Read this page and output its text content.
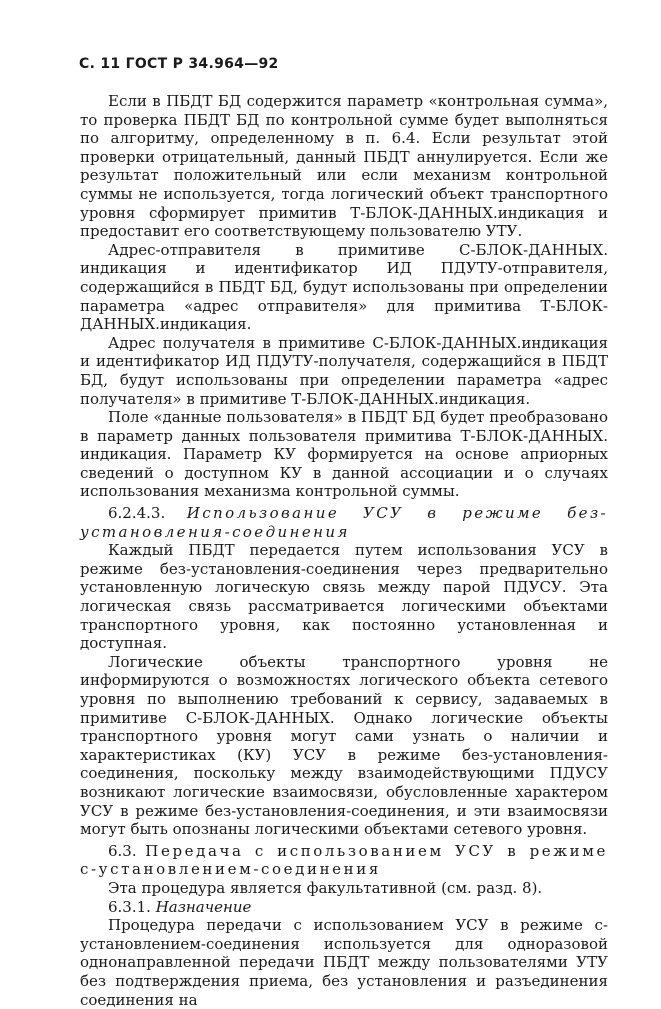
С. 11 ГОСТ Р 34.964—92

Если в ПБДТ БД содержится параметр «контрольная сумма», то проверка ПБДТ БД по контрольной сумме будет выполняться по алгоритму, определенному в п. 6.4. Если результат этой проверки отрицательный, данный ПБДТ аннулируется. Если же результат положительный или если механизм контрольной суммы не используется, тогда логический объект транспортного уровня сформирует примитив Т-БЛОК-ДАННЫХ.индикация и предоставит его соответствующему пользователю УТУ.

Адрес-отправителя в примитиве С-БЛОК-ДАННЫХ. индикация и идентификатор ИД ПДУТУ-отправителя, содержащийся в ПБДТ БД, будут использованы при определении параметра «адрес отправителя» для примитива Т-БЛОК-ДАННЫХ.индикация.

Адрес получателя в примитиве С-БЛОК-ДАННЫХ.индикация и идентификатор ИД ПДУТУ-получателя, содержащийся в ПБДТ БД, будут использованы при определении параметра «адрес получателя» в примитиве Т-БЛОК-ДАННЫХ.индикация.

Поле «данные пользователя» в ПБДТ БД будет преобразовано в параметр данных пользователя примитива Т-БЛОК-ДАННЫХ. индикация. Параметр КУ формируется на основе априорных сведений о доступном КУ в данной ассоциации и о случаях использования механизма контрольной суммы.

6.2.4.3. Использование УСУ в режиме без-установления-соединения

Каждый ПБДТ передается путем использования УСУ в режиме без-установления-соединения через предварительно установленную логическую связь между парой ПДУСУ. Эта логическая связь рассматривается логическими объектами транспортного уровня, как постоянно установленная и доступная.

Логические объекты транспортного уровня не информируются о возможностях логического объекта сетевого уровня по выполнению требований к сервису, задаваемых в примитиве С-БЛОК-ДАННЫХ. Однако логические объекты транспортного уровня могут сами узнать о наличии и характеристиках (КУ) УСУ в режиме без-установления-соединения, поскольку между взаимодействующими ПДУСУ возникают логические взаимосвязи, обусловленные характером УСУ в режиме без-установления-соединения, и эти взаимосвязи могут быть опознаны логическими объектами сетевого уровня.

6.3. Передача с использованием УСУ в режиме с-установлением-соединения

Эта процедура является факультативной (см. разд. 8).

6.3.1. Назначение

Процедура передачи с использованием УСУ в режиме с-установлением-соединения используется для одноразовой однонаправленной передачи ПБДТ между пользователями УТУ без подтверждения приема, без установления и разъединения соединения на
